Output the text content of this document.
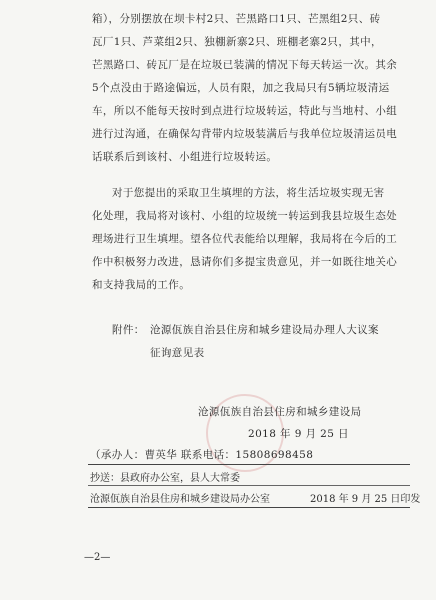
箱），分别摆放在坝卡村2只、芒黑路口1只、芒黑组2只、砖
瓦厂1只、芦菜组2只、独棚新寨2只、班棚老寨2只，其中，
芒黑路口、砖瓦厂是在垃圾已装满的情况下每天转运一次。其余
5个点没由于路途偏远，人员有限，加之我局只有5辆垃圾清运
车，所以不能每天按时到点进行垃圾转运，特此与当地村、小组
进行过沟通，在确保勾背带内垃圾装满后与我单位垃圾清运员电
话联系后到该村、小组进行垃圾转运。
对于您提出的采取卫生填埋的方法，将生活垃圾实现无害
化处理，我局将对该村、小组的垃圾统一转运到我县垃圾生态处
理场进行卫生填埋。望各位代表能给以理解，我局将在今后的工
作中积极努力改进，恳请你们多提宝贵意见，并一如既往地关心
和支持我局的工作。
附件： 沧源佤族自治县住房和城乡建设局办理人大议案
征询意见表
沧源佤族自治县住房和城乡建设局
2018 年 9 月 25 日
（承办人：曹英华 联系电话：15808698458
抄送：县政府办公室，县人大常委
沧源佤族自治县住房和城乡建设局办公室	2018 年 9 月 25 日印发
—2—
